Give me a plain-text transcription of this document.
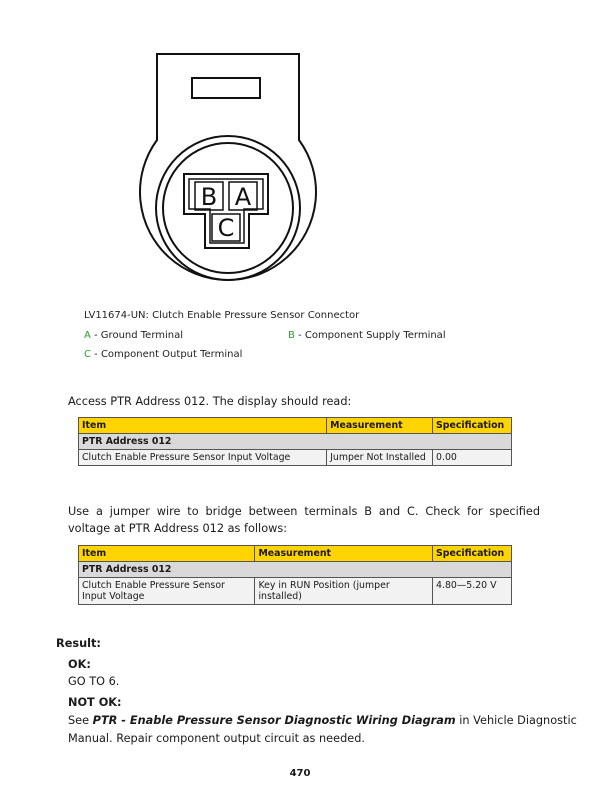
B A
C
LV11674-UN: Clutch Enable Pressure Sensor Connector
A - Ground Terminal	B - Component Supply Terminal
C - Component Output Terminal
Access PTR Address 012. The display should read:
Item	Measurement	Specification
PTR Address 012		
Clutch Enable Pressure Sensor Input Voltage	Jumper Not Installed	0.00
Use a jumper wire to bridge between terminals B and C. Check for specified
voltage at PTR Address 012 as follows:
Item	Measurement	Specification
PTR Address 012		
Clutch Enable Pressure Sensor Input Voltage	Key in RUN Position (jumper installed)	4.80—5.20 V
Result:
OK:
GO TO 6.
NOT OK:
See PTR - Enable Pressure Sensor Diagnostic Wiring Diagram in Vehicle Diagnostic
Manual. Repair component output circuit as needed.
470
